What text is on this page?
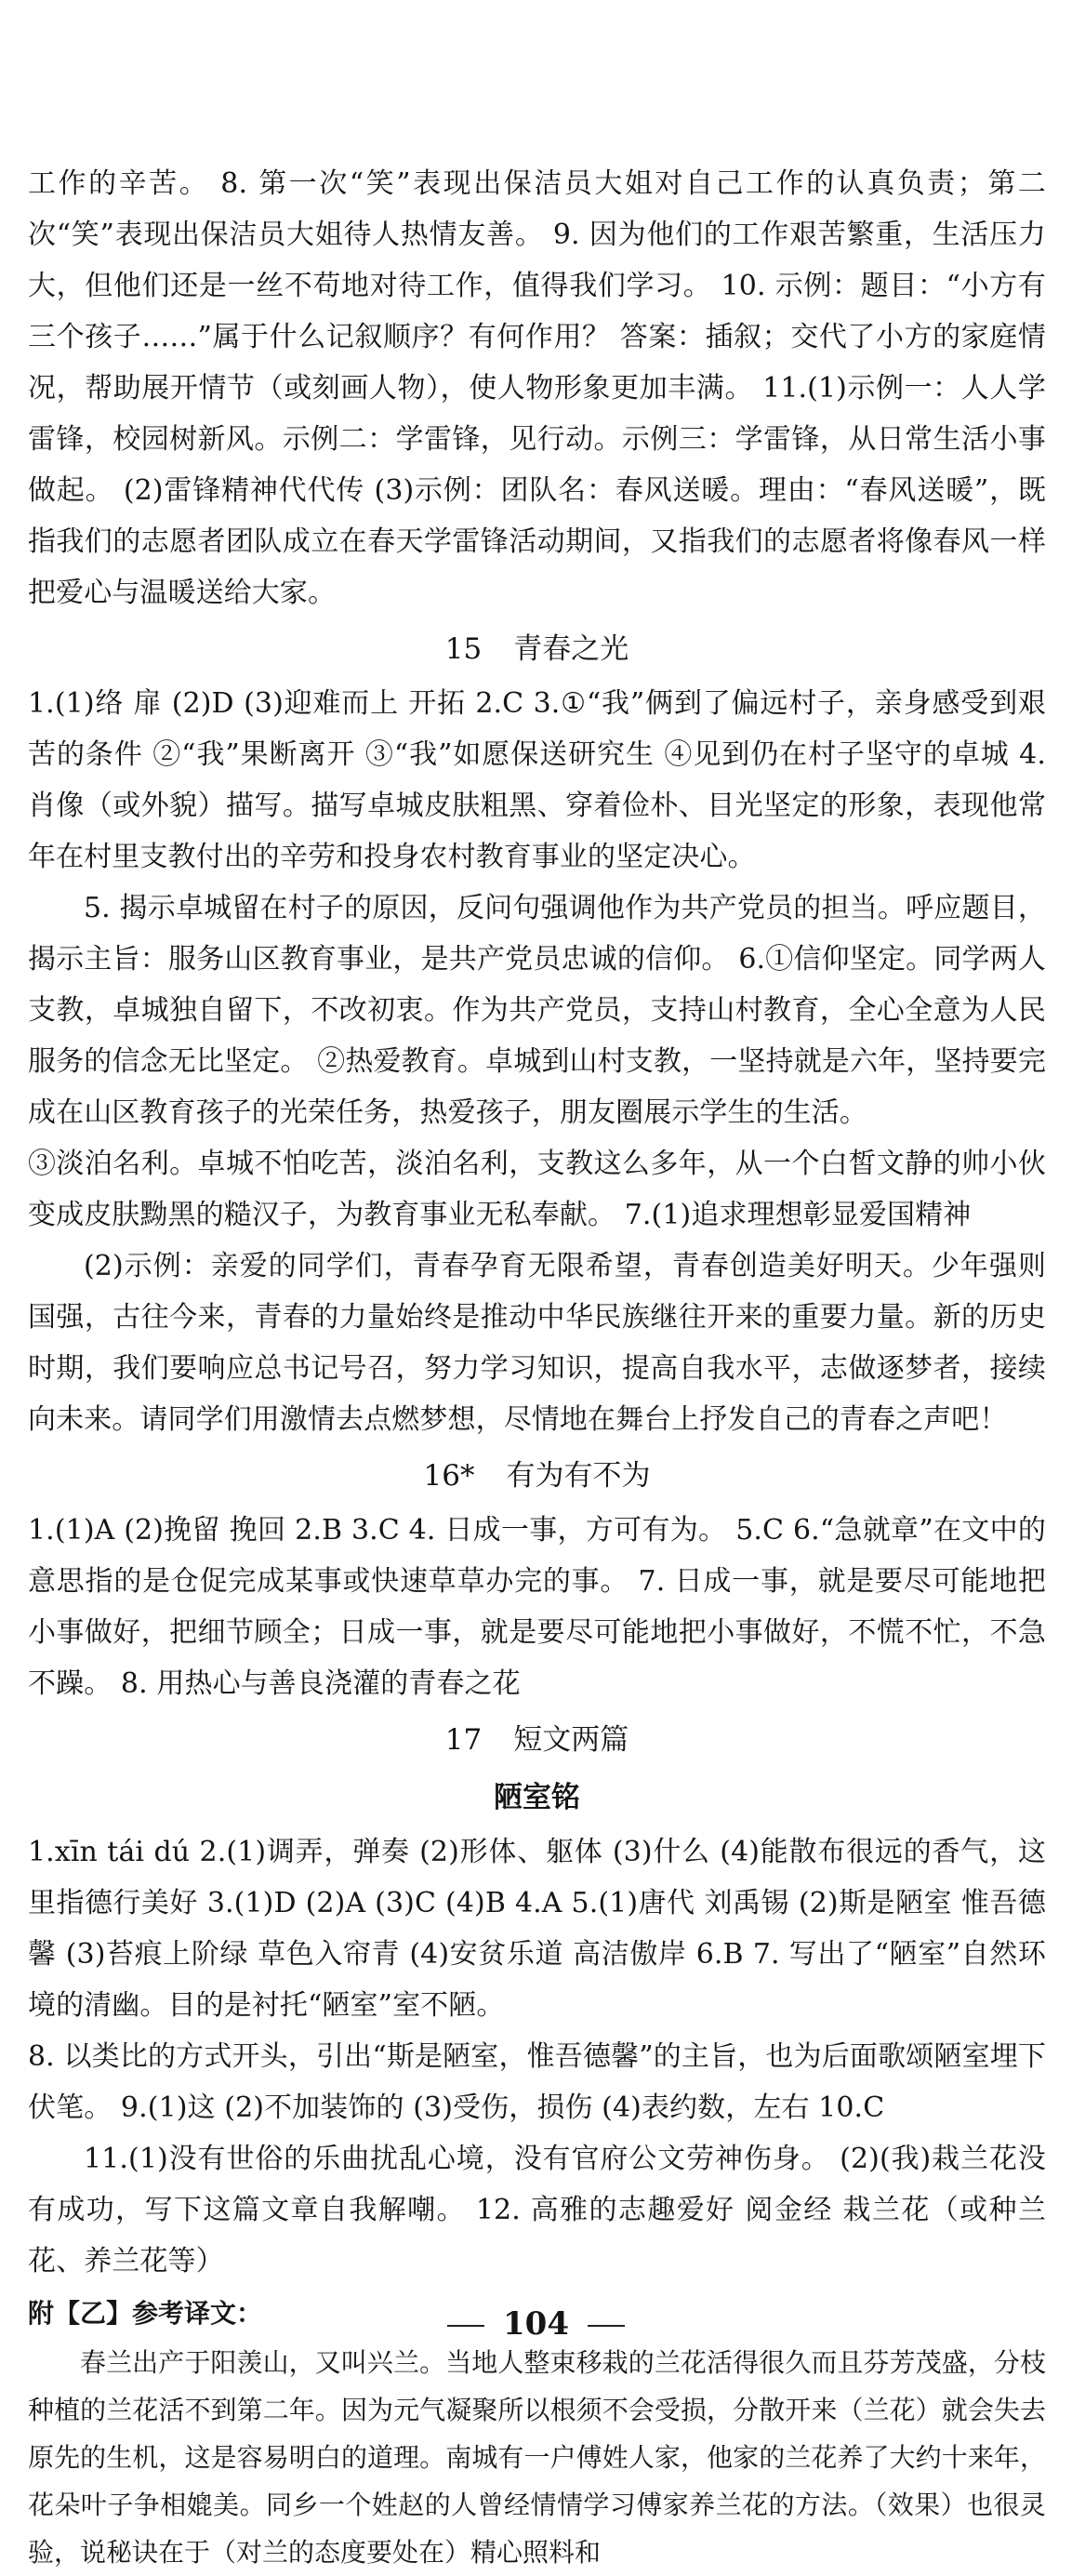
工作的辛苦。 8. 第一次“笑”表现出保洁员大姐对自己工作的认真负责；第二次“笑”表现出保洁员大姐待人热情友善。 9. 因为他们的工作艰苦繁重，生活压力大，但他们还是一丝不苟地对待工作，值得我们学习。 10. 示例：题目：“小方有三个孩子……”属于什么记叙顺序？有何作用？ 答案：插叙；交代了小方的家庭情况，帮助展开情节（或刻画人物），使人物形象更加丰满。 11.(1)示例一：人人学雷锋，校园树新风。示例二：学雷锋，见行动。示例三：学雷锋，从日常生活小事做起。 (2)雷锋精神代代传 (3)示例：团队名：春风送暖。理由：“春风送暖”，既指我们的志愿者团队成立在春天学雷锋活动期间，又指我们的志愿者将像春风一样把爱心与温暖送给大家。

15 青春之光

1.(1)络 扉 (2)D (3)迎难而上 开拓 2.C 3.①“我”俩到了偏远村子，亲身感受到艰苦的条件 ②“我”果断离开 ③“我”如愿保送研究生 ④见到仍在村子坚守的卓城 4. 肖像（或外貌）描写。描写卓城皮肤粗黑、穿着俭朴、目光坚定的形象，表现他常年在村里支教付出的辛劳和投身农村教育事业的坚定决心。

5. 揭示卓城留在村子的原因，反问句强调他作为共产党员的担当。呼应题目，揭示主旨：服务山区教育事业，是共产党员忠诚的信仰。 6.①信仰坚定。同学两人支教，卓城独自留下，不改初衷。作为共产党员，支持山村教育，全心全意为人民服务的信念无比坚定。 ②热爱教育。卓城到山村支教，一坚持就是六年，坚持要完成在山区教育孩子的光荣任务，热爱孩子，朋友圈展示学生的生活。

③淡泊名利。卓城不怕吃苦，淡泊名利，支教这么多年，从一个白皙文静的帅小伙变成皮肤黝黑的糙汉子，为教育事业无私奉献。 7.(1)追求理想彰显爱国精神

(2)示例：亲爱的同学们，青春孕育无限希望，青春创造美好明天。少年强则国强，古往今来，青春的力量始终是推动中华民族继往开来的重要力量。新的历史时期，我们要响应总书记号召，努力学习知识，提高自我水平，志做逐梦者，接续向未来。请同学们用激情去点燃梦想，尽情地在舞台上抒发自己的青春之声吧！

16* 有为有不为

1.(1)A (2)挽留 挽回 2.B 3.C 4. 日成一事，方可有为。 5.C 6.“急就章”在文中的意思指的是仓促完成某事或快速草草办完的事。 7. 日成一事，就是要尽可能地把小事做好，把细节顾全；日成一事，就是要尽可能地把小事做好，不慌不忙，不急不躁。 8. 用热心与善良浇灌的青春之花

17 短文两篇
陋室铭

1.xīn tái dú 2.(1)调弄，弹奏 (2)形体、躯体 (3)什么 (4)能散布很远的香气，这里指德行美好 3.(1)D (2)A (3)C (4)B 4.A 5.(1)唐代 刘禹锡 (2)斯是陋室 惟吾德馨 (3)苔痕上阶绿 草色入帘青 (4)安贫乐道 高洁傲岸 6.B 7. 写出了“陋室”自然环境的清幽。目的是衬托“陋室”室不陋。

8. 以类比的方式开头，引出“斯是陋室，惟吾德馨”的主旨，也为后面歌颂陋室埋下伏笔。 9.(1)这 (2)不加装饰的 (3)受伤，损伤 (4)表约数，左右 10.C

11.(1)没有世俗的乐曲扰乱心境，没有官府公文劳神伤身。 (2)(我)栽兰花没有成功，写下这篇文章自我解嘲。 12. 高雅的志趣爱好 阅金经 栽兰花（或种兰花、养兰花等）

附【乙】参考译文：

春兰出产于阳羡山，又叫兴兰。当地人整束移栽的兰花活得很久而且芬芳茂盛，分枝种植的兰花活不到第二年。因为元气凝聚所以根须不会受损，分散开来（兰花）就会失去原先的生机，这是容易明白的道理。南城有一户傅姓人家，他家的兰花养了大约十来年，花朵叶子争相媲美。同乡一个姓赵的人曾经情情学习傅家养兰花的方法。（效果）也很灵验，说秘诀在于（对兰的态度要处在）精心照料和

104
